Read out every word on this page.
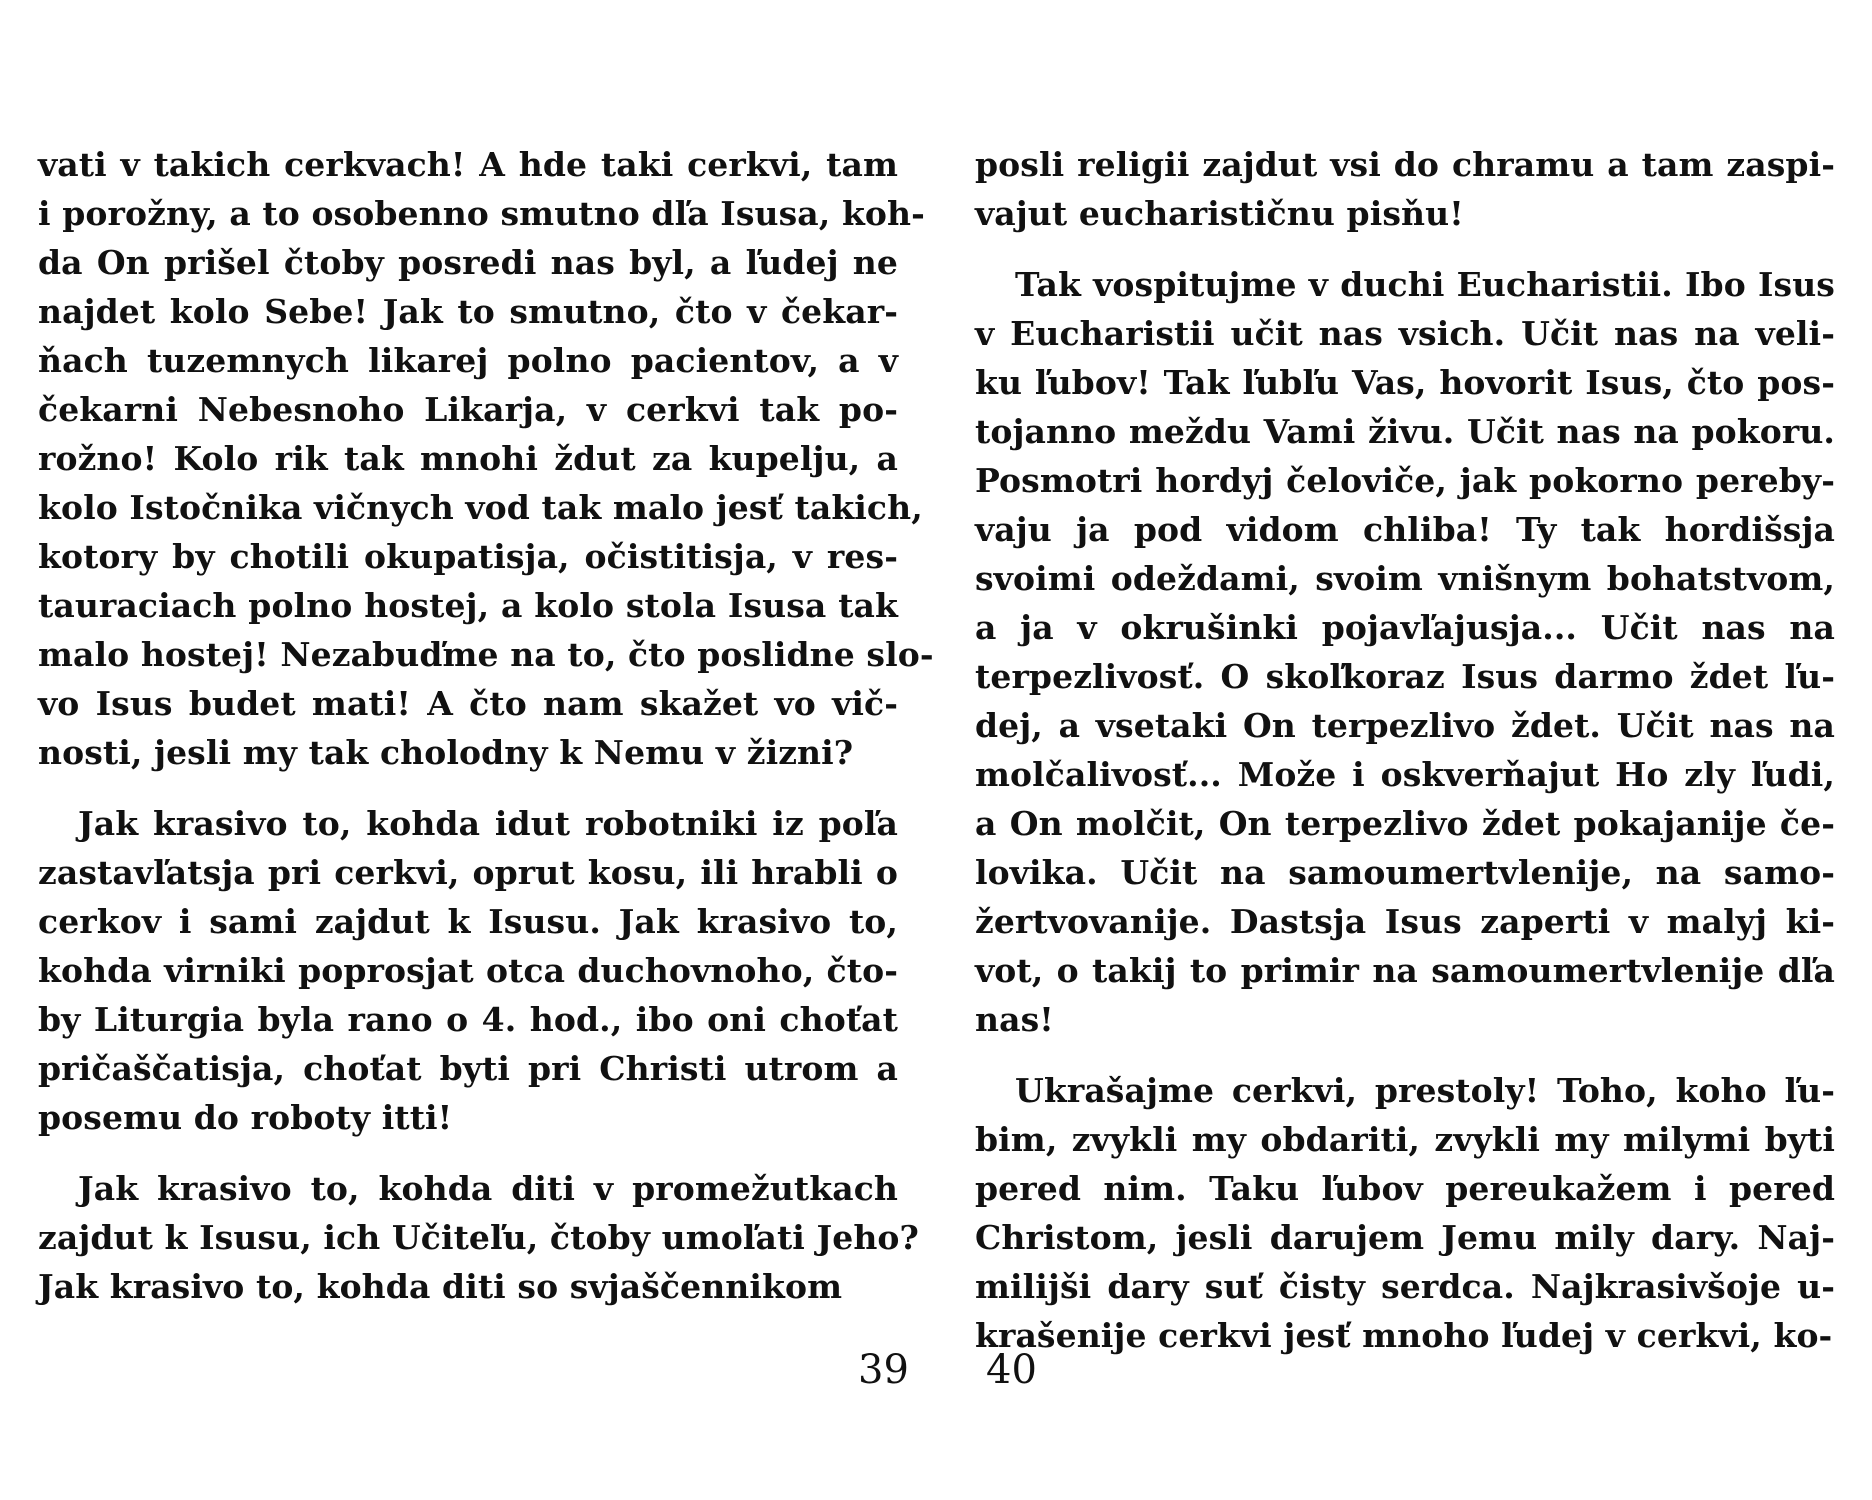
vati v takich cerkvach! A hde taki cerkvi, tam
i porožny, a to osobenno smutno dľa Isusa, koh-
da On prišel čtoby posredi nas byl, a ľudej ne
najdet kolo Sebe! Jak to smutno, čto v čekar-
ňach tuzemnych likarej polno pacientov, a v
čekarni Nebesnoho Likarja, v cerkvi tak po-
rožno! Kolo rik tak mnohi ždut za kupelju, a
kolo Istočnika vičnych vod tak malo jesť takich,
kotory by chotili okupatisja, očistitisja, v res-
tauraciach polno hostej, a kolo stola Isusa tak
malo hostej! Nezabuďme na to, čto poslidne slo-
vo Isus budet mati! A čto nam skažet vo vič-
nosti, jesli my tak cholodny k Nemu v žizni?
Jak krasivo to, kohda idut robotniki iz poľa
zastavľatsja pri cerkvi, oprut kosu, ili hrabli o
cerkov i sami zajdut k Isusu. Jak krasivo to,
kohda virniki poprosjat otca duchovnoho, čto-
by Liturgia byla rano o 4. hod., ibo oni choťat
pričaščatisja, choťat byti pri Christi utrom a
posemu do roboty itti!
Jak krasivo to, kohda diti v promežutkach
zajdut k Isusu, ich Učiteľu, čtoby umoľati Jeho?
Jak krasivo to, kohda diti so svjaščennikom
posli religii zajdut vsi do chramu a tam zaspi-
vajut eucharističnu pisňu!
Tak vospitujme v duchi Eucharistii. Ibo Isus
v Eucharistii učit nas vsich. Učit nas na veli-
ku ľubov! Tak ľubľu Vas, hovorit Isus, čto pos-
tojanno meždu Vami živu. Učit nas na pokoru.
Posmotri hordyj čeloviče, jak pokorno pereby-
vaju ja pod vidom chliba! Ty tak hordišsja
svoimi odeždami, svoim vnišnym bohatstvom,
a ja v okrušinki pojavľajusja... Učit nas na
terpezlivosť. O skoľkoraz Isus darmo ždet ľu-
dej, a vsetaki On terpezlivo ždet. Učit nas na
molčalivosť... Može i oskverňajut Ho zly ľudi,
a On molčit, On terpezlivo ždet pokajanije če-
lovika. Učit na samoumertvlenije, na samo-
žertvovanije. Dastsja Isus zaperti v malyj ki-
vot, o takij to primir na samoumertvlenije dľa
nas!
Ukrašajme cerkvi, prestoly! Toho, koho ľu-
bim, zvykli my obdariti, zvykli my milymi byti
pered nim. Taku ľubov pereukažem i pered
Christom, jesli darujem Jemu mily dary. Naj-
milijši dary suť čisty serdca. Najkrasivšoje u-
krašenije cerkvi jesť mnoho ľudej v cerkvi, ko-
39 40
